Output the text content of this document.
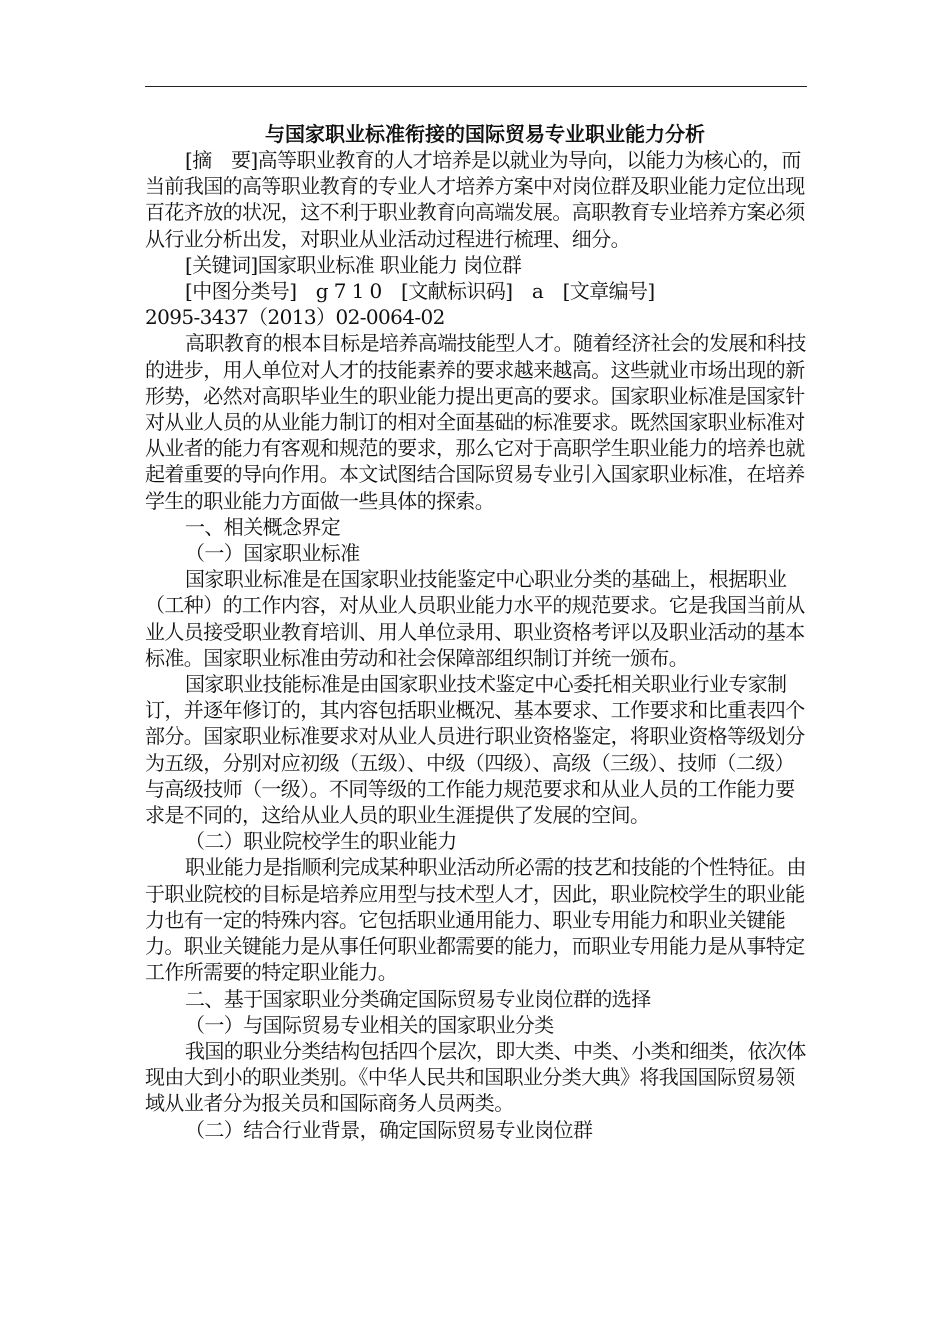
与国家职业标准衔接的国际贸易专业职业能力分析

[摘　要]高等职业教育的人才培养是以就业为导向，以能力为核心的，而当前我国的高等职业教育的专业人才培养方案中对岗位群及职业能力定位出现百花齐放的状况，这不利于职业教育向高端发展。高职教育专业培养方案必须从行业分析出发，对职业从业活动过程进行梳理、细分。

[关键词]国家职业标准 职业能力 岗位群

[中图分类号]　g 7 1 0　[文献标识码]　a　[文章编号]
2095-3437（2013）02-0064-02

高职教育的根本目标是培养高端技能型人才。随着经济社会的发展和科技的进步，用人单位对人才的技能素养的要求越来越高。这些就业市场出现的新形势，必然对高职毕业生的职业能力提出更高的要求。国家职业标准是国家针对从业人员的从业能力制订的相对全面基础的标准要求。既然国家职业标准对从业者的能力有客观和规范的要求，那么它对于高职学生职业能力的培养也就起着重要的导向作用。本文试图结合国际贸易专业引入国家职业标准，在培养学生的职业能力方面做一些具体的探索。

一、相关概念界定

（一）国家职业标准

国家职业标准是在国家职业技能鉴定中心职业分类的基础上，根据职业（工种）的工作内容，对从业人员职业能力水平的规范要求。它是我国当前从业人员接受职业教育培训、用人单位录用、职业资格考评以及职业活动的基本标准。国家职业标准由劳动和社会保障部组织制订并统一颁布。

国家职业技能标准是由国家职业技术鉴定中心委托相关职业行业专家制订，并逐年修订的，其内容包括职业概况、基本要求、工作要求和比重表四个部分。国家职业标准要求对从业人员进行职业资格鉴定，将职业资格等级划分为五级，分别对应初级（五级）、中级（四级）、高级（三级）、技师（二级）与高级技师（一级）。不同等级的工作能力规范要求和从业人员的工作能力要求是不同的，这给从业人员的职业生涯提供了发展的空间。

（二）职业院校学生的职业能力

职业能力是指顺利完成某种职业活动所必需的技艺和技能的个性特征。由于职业院校的目标是培养应用型与技术型人才，因此，职业院校学生的职业能力也有一定的特殊内容。它包括职业通用能力、职业专用能力和职业关键能力。职业关键能力是从事任何职业都需要的能力，而职业专用能力是从事特定工作所需要的特定职业能力。

二、基于国家职业分类确定国际贸易专业岗位群的选择

（一）与国际贸易专业相关的国家职业分类

我国的职业分类结构包括四个层次，即大类、中类、小类和细类，依次体现由大到小的职业类别。《中华人民共和国职业分类大典》将我国国际贸易领域从业者分为报关员和国际商务人员两类。

（二）结合行业背景，确定国际贸易专业岗位群
